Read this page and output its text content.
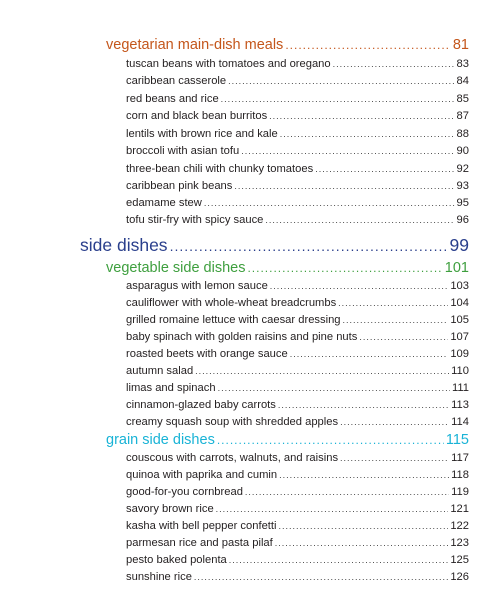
vegetarian main-dish meals .....	81
tuscan beans with tomatoes and oregano .....	83
caribbean casserole .....	84
red beans and rice .....	85
corn and black bean burritos .....	87
lentils with brown rice and kale .....	88
broccoli with asian tofu .....	90
three-bean chili with chunky tomatoes .....	92
caribbean pink beans .....	93
edamame stew .....	95
tofu stir-fry with spicy sauce .....	96
side dishes .....	99
vegetable side dishes .....	101
asparagus with lemon sauce .....	103
cauliflower with whole-wheat breadcrumbs .....	104
grilled romaine lettuce with caesar dressing .....	105
baby spinach with golden raisins and pine nuts .....	107
roasted beets with orange sauce .....	109
autumn salad .....	110
limas and spinach .....	111
cinnamon-glazed baby carrots .....	113
creamy squash soup with shredded apples .....	114
grain side dishes .....	115
couscous with carrots, walnuts, and raisins .....	117
quinoa with paprika and cumin .....	118
good-for-you cornbread .....	119
savory brown rice .....	121
kasha with bell pepper confetti .....	122
parmesan rice and pasta pilaf .....	123
pesto baked polenta .....	125
sunshine rice .....	126
